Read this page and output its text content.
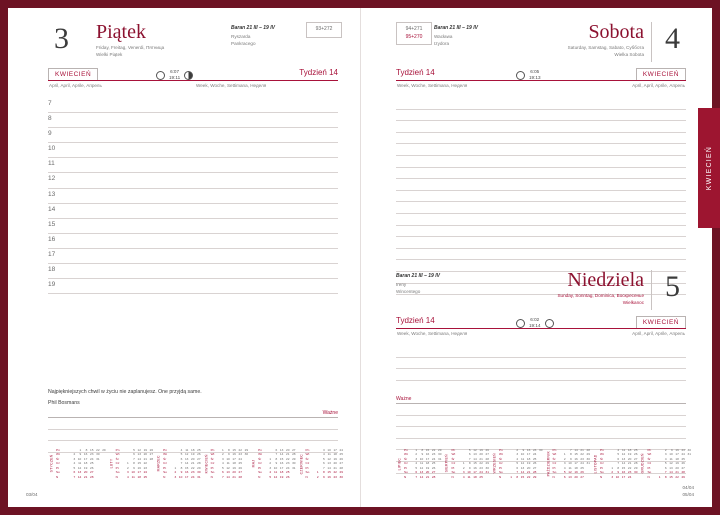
3 Piątek
Friday, Freitag, Venerdi, Пятница
Wielki Piątek
Baran 21 III – 19 IV
Ryszarda
Pankracego
93+272
KWIECIEŃ
April, April, Aprile, Апрель
Tydzień 14
Week, Woche, Settimana, Неделя
6:07
19:11
7
8
9
10
11
12
13
14
15
16
17
18
19
Najpiękniejszych chwil w życiu nie zaplanujesz. One przyjdą same.
Phil Bosmans
Ważne
94+271
95+270
Baran 21 III – 19 IV
Wacława
Izydora
Sobota
Saturday, Samstag, Sabato, Cyббота
Wielka Sobota 4
Tydzień 14
Week, Woche, Settimana, Неделя
KWIECIEŃ
April, April, Aprile, Апрель
6:05
19:13
Baran 21 III – 19 IV
Ireny
Wincentego
Niedziela
Sunday, Sonntag, Dominica, Воскресенье
Wielkanoc 5
Tydzień 14
Week, Woche, Settimana, Неделя
KWIECIEŃ
April, April, Aprile, Апрель
6:02
19:14
Ważne
STYCZEŃ
Pn	1	8 15 22 29
Wt	2	9 16 23 30
Śr	3 10 17 24 31
Cz	4 11 18 25
Pt	5 12 19 26
So	6 13 20 27
N	7 14 21 28
LUTY
Pn	5 12 19 26
Wt	6 13 20 27
Śr	7 14 21 28
Cz	1	8 15 22
Pt	2	9 16 23
So	3 10 17 24
N	4 11 18 25
MARZEC
Pn	4 11 18 25
Wt	5 12 19 26
Śr	6 13 20 27
Cz	7 14 21 28
Pt	1	8 15 22 29
So	2	9 16 23 30
N	3 10 17 24 31
KWIECIEŃ
Pn	1	8 15 22 29
Wt	2	9 16 23 30
Śr	3 10 17 24
Cz	4 11 18 25
Pt	5 12 19 26
So	6 13 20 27
N	7 14 21 28
MAJ
Pn	6 13 20 27
Wt	7 14 21 28
Śr	1	8 15 22 29
Cz	2	9 16 23 30
Pt	3 10 17 24 31
So	4 11 18 25
N	5 12 19 26
CZERWIEC
Pn	3 10 17 24
Wt	4 11 18 25
Śr	5 12 19 26
Cz	6 13 20 27
Pt	7 14 21 28
So	1	8 15 22 29
N	2	9 16 23 30
LIPIEC
Pn	1	8 15 22 29
Wt	2	9 16 23 30
Śr	3 10 17 24 31
Cz	4 11 18 25
Pt	5 12 19 26
So	6 13 20 27
N	7 14 21 28
SIERPIEŃ
Pn	5 12 19 26
Wt	6 13 20 27
Śr	7 14 21 28
Cz	1	8 15 22 29
Pt	2	9 16 23 30
So	3 10 17 24 31
N	4 11 18 25
WRZESIEŃ
Pn	2	9 16 23 30
Wt	3 10 17 24
Śr	4 11 18 25
Cz	5 12 19 26
Pt	6 13 20 27
So	7 14 21 28
N	1	8 15 22 29
PAŹDZIERNIK
Pn	7 14 21 28
Wt	1	8 15 22 29
Śr	2	9 16 23 30
Cz	3 10 17 24 31
Pt	4 11 18 25
So	5 12 19 26
N	6 13 20 27
LISTOPAD
Pn	4 11 18 25
Wt	5 12 19 26
Śr	6 13 20 27
Cz	7 14 21 28
Pt	1	8 15 22 29
So	2	9 16 23 30
N	3 10 17 24
GRUDZIEŃ
Pn	2	9 16 23 30
Wt	3 10 17 24 31
Śr	4 11 18 25
Cz	5 12 19 26
Pt	6 13 20 27
So	7 14 21 28
N	1	8 15 22 29
03/04
04/04
05/04
KWIECIEŃ
